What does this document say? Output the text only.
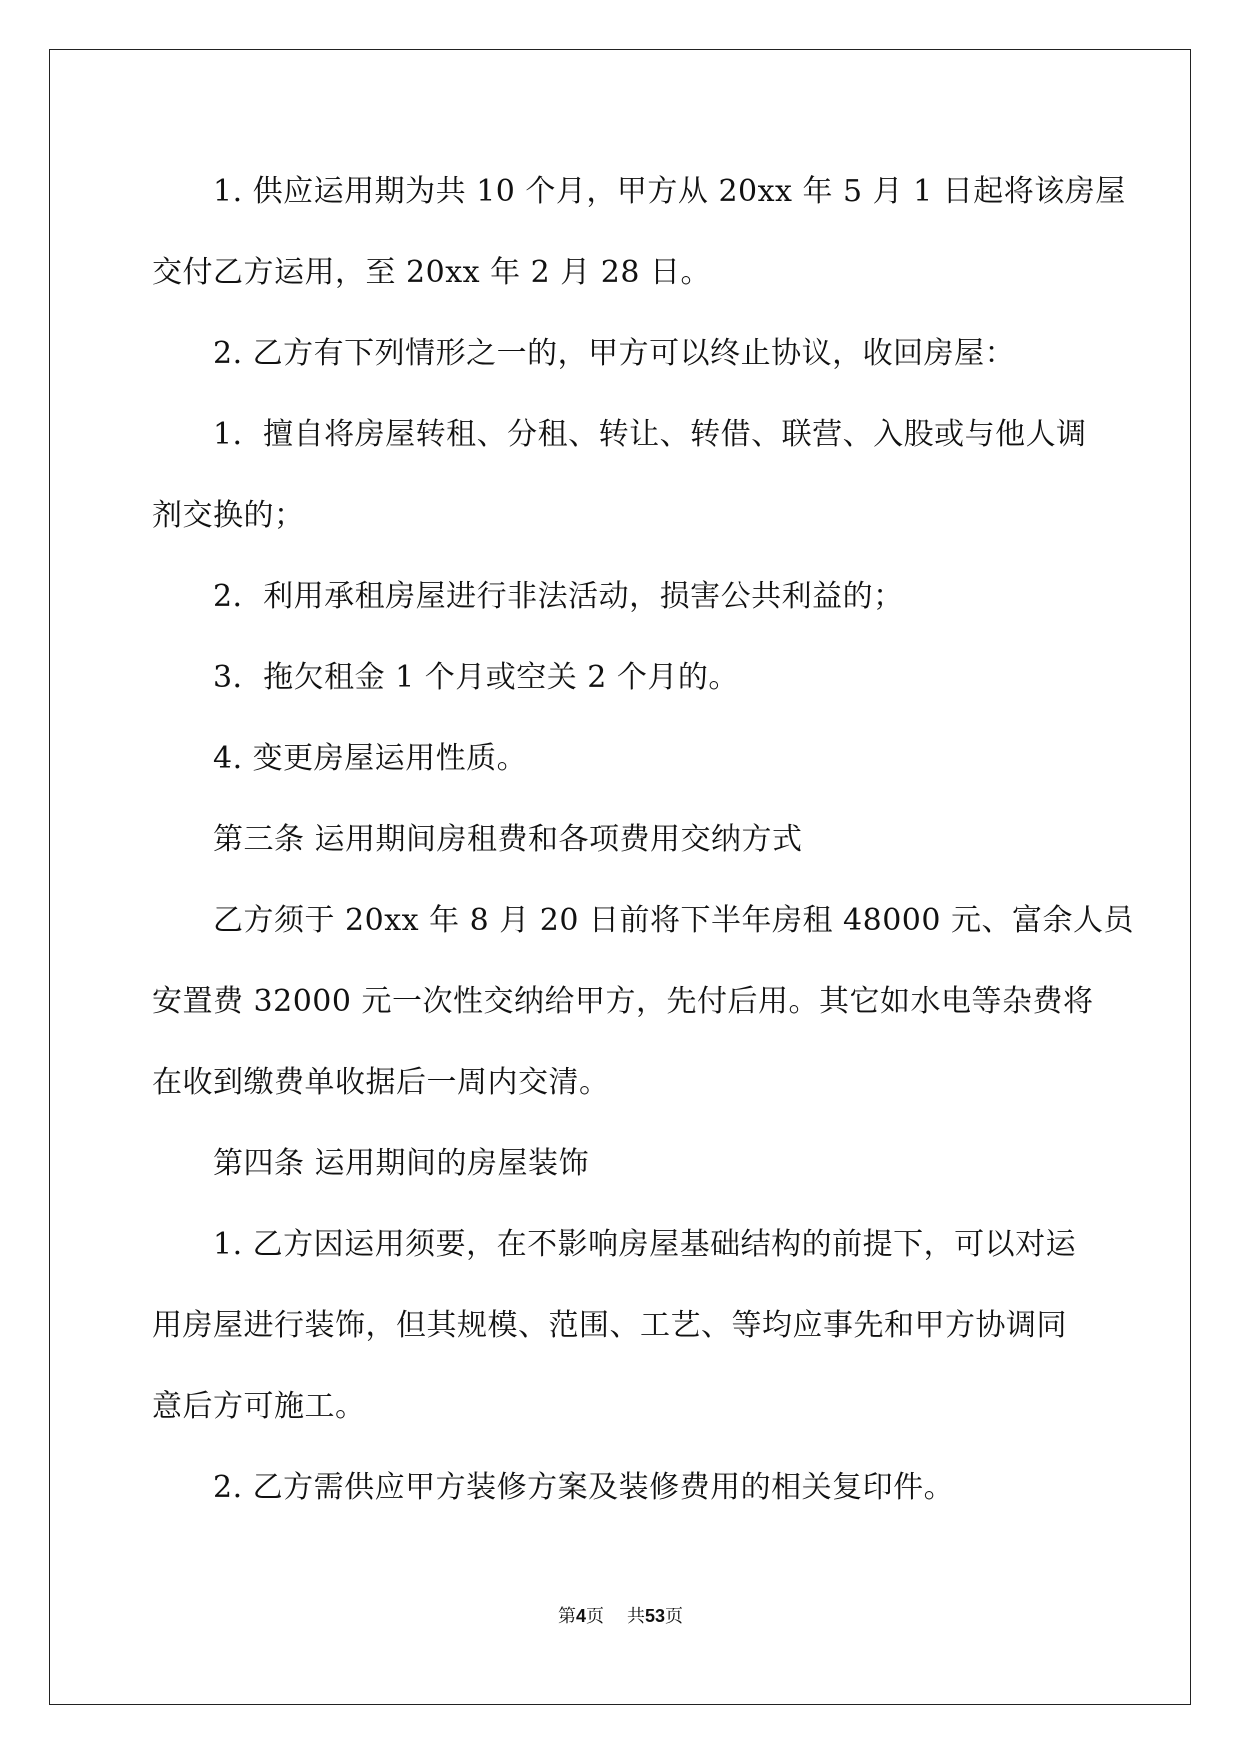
1. 供应运用期为共 10 个月，甲方从 20xx 年 5 月 1 日起将该房屋
交付乙方运用，至 20xx 年 2 月 28 日。
2. 乙方有下列情形之一的，甲方可以终止协议，收回房屋：
1．擅自将房屋转租、分租、转让、转借、联营、入股或与他人调
剂交换的；
2．利用承租房屋进行非法活动，损害公共利益的；
3．拖欠租金 1 个月或空关 2 个月的。
4. 变更房屋运用性质。
第三条 运用期间房租费和各项费用交纳方式
乙方须于 20xx 年 8 月 20 日前将下半年房租 48000 元、富余人员
安置费 32000 元一次性交纳给甲方，先付后用。其它如水电等杂费将
在收到缴费单收据后一周内交清。
第四条 运用期间的房屋装饰
1. 乙方因运用须要，在不影响房屋基础结构的前提下，可以对运
用房屋进行装饰，但其规模、范围、工艺、等均应事先和甲方协调同
意后方可施工。
2. 乙方需供应甲方装修方案及装修费用的相关复印件。
第4页 共53页
